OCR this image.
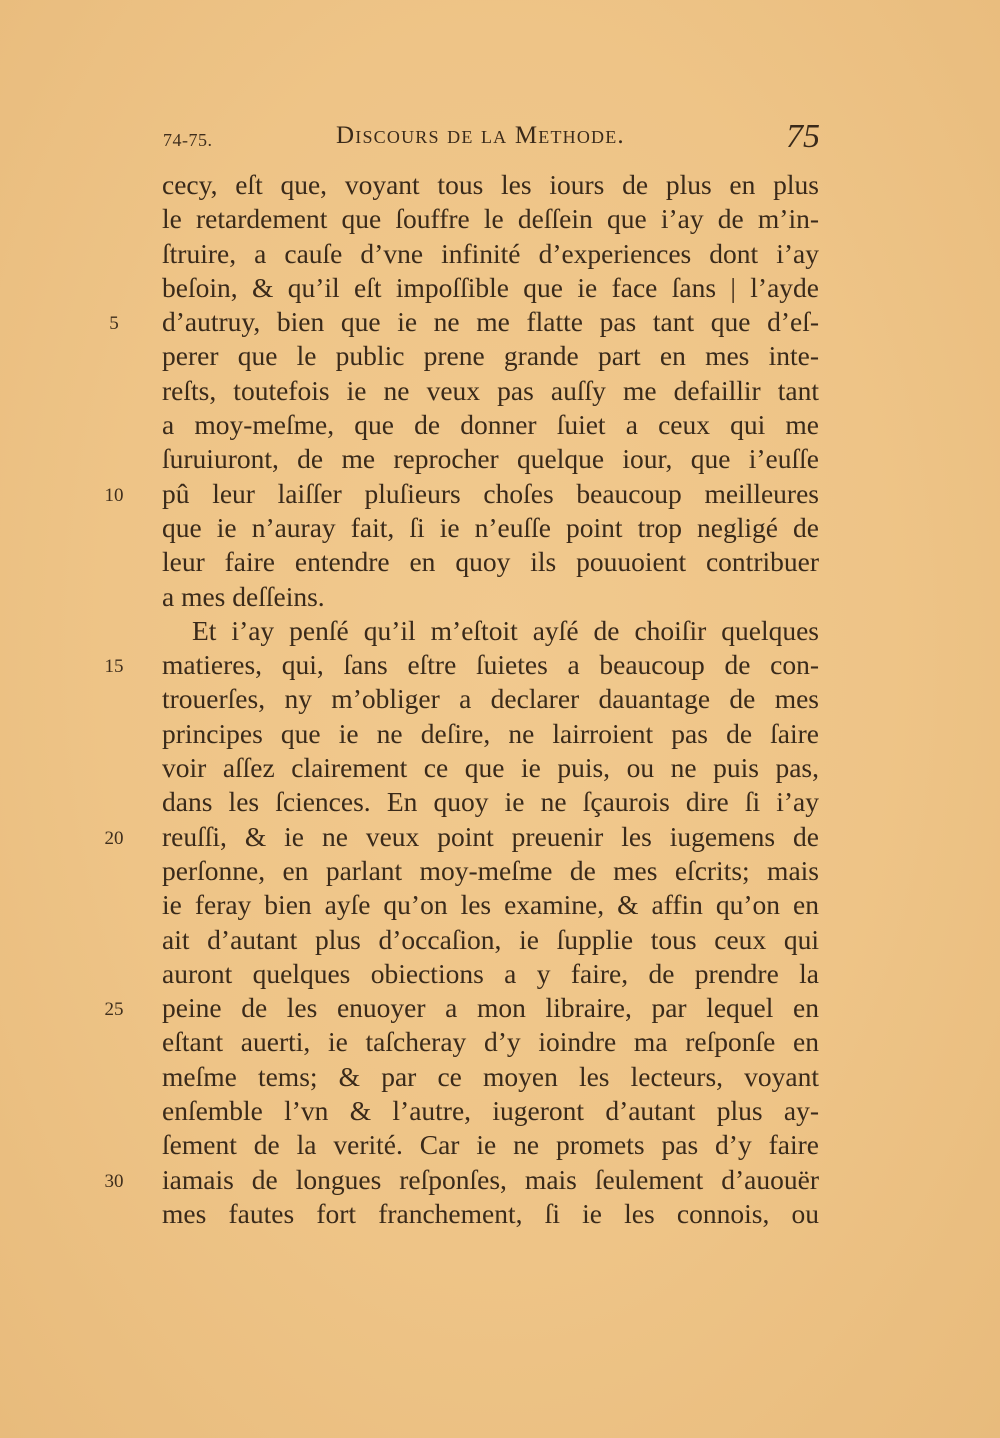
74-75.	Discours de la Methode.	75
cecy, eſt que, voyant tous les iours de plus en plus
le retardement que ſouffre le deſſein que i’ay de m’in-
ſtruire, a cauſe d’vne infinité d’experiences dont i’ay
beſoin, & qu’il eſt impoſſible que ie face ſans | l’ayde
5	d’autruy, bien que ie ne me flatte pas tant que d’eſ-
perer que le public prene grande part en mes inte-
reſts, toutefois ie ne veux pas auſſy me defaillir tant
a moy-meſme, que de donner ſuiet a ceux qui me
ſuruiuront, de me reprocher quelque iour, que i’euſſe
10 pû leur laiſſer pluſieurs choſes beaucoup meilleures
que ie n’auray fait, ſi ie n’euſſe point trop negligé de
leur faire entendre en quoy ils pouuoient contribuer
a mes deſſeins.
Et i’ay penſé qu’il m’eſtoit ayſé de choiſir quelques
15 matieres, qui, ſans eſtre ſuietes a beaucoup de con-
trouerſes, ny m’obliger a declarer dauantage de mes
principes que ie ne deſire, ne lairroient pas de ſaire
voir aſſez clairement ce que ie puis, ou ne puis pas,
dans les ſciences. En quoy ie ne ſçaurois dire ſi i’ay
20 reuſſi, & ie ne veux point preuenir les iugemens de
perſonne, en parlant moy-meſme de mes eſcrits; mais
ie feray bien ayſe qu’on les examine, & affin qu’on en
ait d’autant plus d’occaſion, ie ſupplie tous ceux qui
auront quelques obiections a y faire, de prendre la
25 peine de les enuoyer a mon libraire, par lequel en
eſtant auerti, ie taſcheray d’y ioindre ma reſponſe en
meſme tems; & par ce moyen les lecteurs, voyant
enſemble l’vn & l’autre, iugeront d’autant plus ay-
ſement de la verité. Car ie ne promets pas d’y faire
30 iamais de longues reſponſes, mais ſeulement d’auouër
mes fautes fort franchement, ſi ie les connois, ou
